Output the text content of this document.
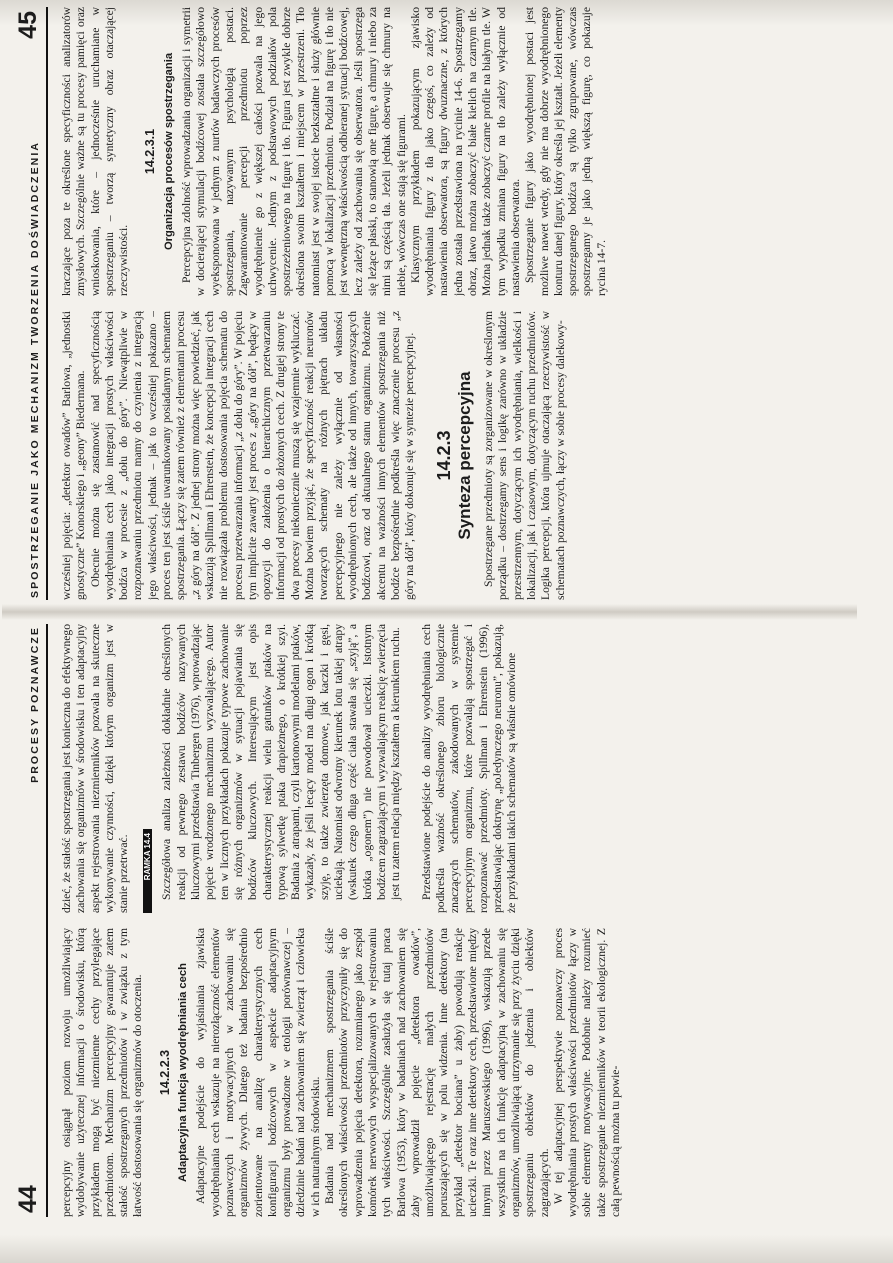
44
PROCESY POZNAWCZE

percepcyjny osiągnął poziom rozwoju umożliwiający wydobywanie użytecznej informacji o środowisku, którą przykładem mogą być niezmienne cechy przylegające przedmiotom. Mechanizm percepcyjny gwarantuje zatem stałość spostrzeganych przedmiotów i w związku z tym łatwość dostosowania się organizmów do otoczenia. 14.2.2.3 Adaptacyjna funkcja wyodrębniania cech Adaptacyjne podejście do wyjaśniania zjawiska wyodrębniania cech wskazuje na nierozłączność elementów poznawczych i motywacyjnych w zachowaniu się organizmów żywych. Dlatego też badania bezpośrednio zorientowane na analizę charakterystycznych cech konfiguracji bodźcowych w aspekcie adaptacyjnym organizmu były prowadzone w etologii porównawczej – dziedzinie badań nad zachowaniem się zwierząt i człowieka w ich naturalnym środowisku. Badania nad mechanizmem spostrzegania ściśle określonych właściwości przedmiotów przyczyniły się do wprowadzenia pojęcia detektora, rozumianego jako zespół komórek nerwowych wyspecjalizowanych w rejestrowaniu tych właściwości. Szczególnie zasłużyła się tutaj praca Barlowa (1953), który w badaniach nad zachowaniem się żaby wprowadził pojęcie „detektora owadów”, umożliwiającego rejestrację małych przedmiotów poruszających się w polu widzenia. Inne detektory (na przykład „detektor bociana” u żaby) powodują reakcje ucieczki. Te oraz inne detektory cech, przedstawione między innymi przez Maruszewskiego (1996), wskazują przede wszystkim na ich funkcję adaptacyjną w zachowaniu się organizmów, umożliwiającą utrzymanie się przy życiu dzięki spostrzeganiu obiektów do jedzenia i obiektów zagrażających. W tej adaptacyjnej perspektywie poznawczy proces wyodrębniania prostych właściwości przedmiotów łączy w sobie elementy motywacyjne. Podobnie należy rozumieć także spostrzeganie niezmienników w teorii ekologicznej. Z całą pewnością można tu powie-

dzieć, że stałość spostrzegania jest konieczna do efektywnego zachowania się organizmów w środowisku i ten adaptacyjny aspekt rejestrowania niezmienników pozwala na skuteczne wykonywanie czynności, dzięki którym organizm jest w stanie przetrwać.	RAMKA 14.4 Szczegółowa analiza zależności dokładnie określonych reakcji od pewnego zestawu bodźców nazywanych kluczowymi przedstawia Tinbergen (1976), wprowadzając pojęcie wrodzonego mechanizmu wyzwalającego. Autor ten w licznych przykładach pokazuje typowe zachowanie się różnych organizmów w sytuacji pojawiania się bodźców kluczowych. Interesującym jest opis charakterystycznej reakcji wielu gatunków ptaków na typową sylwetkę ptaka drapieżnego, o krótkiej szyi. Badania z atrapami, czyli kartonowymi modelami ptaków, wykazały, że jeśli lecący model ma długi ogon i krótką szyję, to także zwierzęta domowe, jak kaczki i gęsi, uciekają. Natomiast odwrotny kierunek lotu takiej atrapy (wskutek czego długa część ciała stawała się „szyją”, a krótka „ogonem”) nie powodował ucieczki. Istotnym bodźcem zagrażającym i wyzwalającym reakcję zwierzęcia jest tu zatem relacja między kształtem a kierunkiem ruchu. Przedstawione podejście do analizy wyodrębniania cech podkreśla ważność określonego zbioru biologicznie znaczących schematów, zakodowanych w systemie percepcyjnym organizmu, które pozwalają spostrzegać i rozpoznawać przedmioty. Spillman i Ehrenstein (1996), przedstawiając doktrynę „poJedynczego neuronu”, pokazują, że przykładami takich schematów są właśnie omówione

SPOSTRZEGANIE JAKO MECHANIZM TWORZENIA DOŚWIADCZENIA
45

wcześniej pojęcia: „detektor owadów” Barlowa, „jednostki gnostyczne” Konorskiego i „geony” Biedermana. Obecnie można się zastanowić nad specyficznością wyodrębniania cech jako integracji prostych właściwości bodźca w procesie z „dołu do góry”. Niewątpliwie w rozpoznawaniu przedmiotu mamy do czynienia z integracją jego właściwości, jednak – jak to wcześniej pokazano – proces ten jest ściśle uwarunkowany posiadanym schematem spostrzegania. Łączy się zatem również z elementami procesu „z góry na dół”. Z jednej strony można więc powiedzieć, jak wskazują Spillman i Ehrenstein, że koncepcja integracji cech nie rozwiązała problemu dostosowania pojęcia schematu do procesu przetwarzania informacji „z dołu do góry”. W pojęciu tym implicite zawarty jest proces z „góry na dół”, będący w opozycji do założenia o hierarchicznym przetwarzaniu informacji od prostych do złożonych cech. Z drugiej strony te dwa procesy niekoniecznie muszą się wzajemnie wykluczać. Można bowiem przyjąć, że specyficzność reakcji neuronów tworzących schematy na różnych piętrach układu percepcyjnego nie zależy wyłącznie od własności wyodrębnionych cech, ale także od innych, towarzyszących bodźcowi, oraz od aktualnego stanu organizmu. Położenie akcentu na ważności innych elementów spostrzegania niż bodźce bezpośrednie podkreśla więc znaczenie procesu „z góry na dół”, który dokonuje się w syntezie percepcyjnej. 14.2.3 Synteza percepcyjna Spostrzegane przedmioty są zorganizowane w określonym porządku – dostrzegamy sens i logikę zarówno w układzie przestrzennym, dotyczącym ich wyodrębniania, wielkości i lokalizacji, jak i czasowym, dotyczącym ruchu przedmiotów. Logika percepcji, która ujmuje otaczającą rzeczywistość w schematach poznawczych, łączy w sobie procesy dalekowy-

kraczające poza te określone specyficzności analizatorów zmysłowych. Szczególnie ważne są tu procesy pamięci oraz wnioskowania, które – jednocześnie uruchamiane w spostrzeganiu – tworzą syntetyczny obraz otaczającej rzeczywistości.

14.2.3.1 Organizacja procesów spostrzegania Percepcyjna zdolność wprowadzania organizacji i symetrii w docierającej stymulacji bodźcowej została szczegółowo wyeksponowana w jednym z nurtów badawczych procesów spostrzegania, nazywanym psychologią postaci. Zagwarantowanie percepcji przedmiotu poprzez wyodrębnienie go z większej całości pozwala na jego uchwycenie. Jednym z podstawowych podziałów pola spostrzeżeniowego na figurę i tło. Figura jest zwykle dobrze określona swoim kształtem i miejscem w przestrzeni. Tło natomiast jest w swojej istocie bezkształtne i służy głównie pomocą w lokalizacji przedmiotu. Podział na figurę i tło nie jest wewnętrzną właściwością odbieranej sytuacji bodźcowej, lecz zależy od zachowania się obserwatora. Jeśli spostrzega się leżące płaski, to stanowią one figurę, a chmury i niebo za nimi są częścią tła. Jeżeli jednak obserwuje się chmury na niebie, wówczas one stają się figurami. Klasycznym przykładem pokazującym zjawisko wyodrębniania figury z tła jako czegoś, co zależy od nastawienia obserwatora, są figury dwuznaczne, z których jedna została przedstawiona na rycinie 14-6. Spostrzegamy obraz, łatwo można zobaczyć białe kielich na czarnym tle. Można jednak także zobaczyć czarne profile na białym tle. W tym wypadku zmiana figury na tło zależy wyłącznie od nastawienia obserwatora. Spostrzeganie figury jako wyodrębnionej postaci jest możliwe nawet wtedy, gdy nie ma dobrze wyodrębnionego konturu danej figury, który określa jej kształt. Jeżeli elementy spostrzeganego bodźca są tylko zgrupowane, wówczas spostrzegamy je jako jedną większą figurę, co pokazuje rycina 14-7.
